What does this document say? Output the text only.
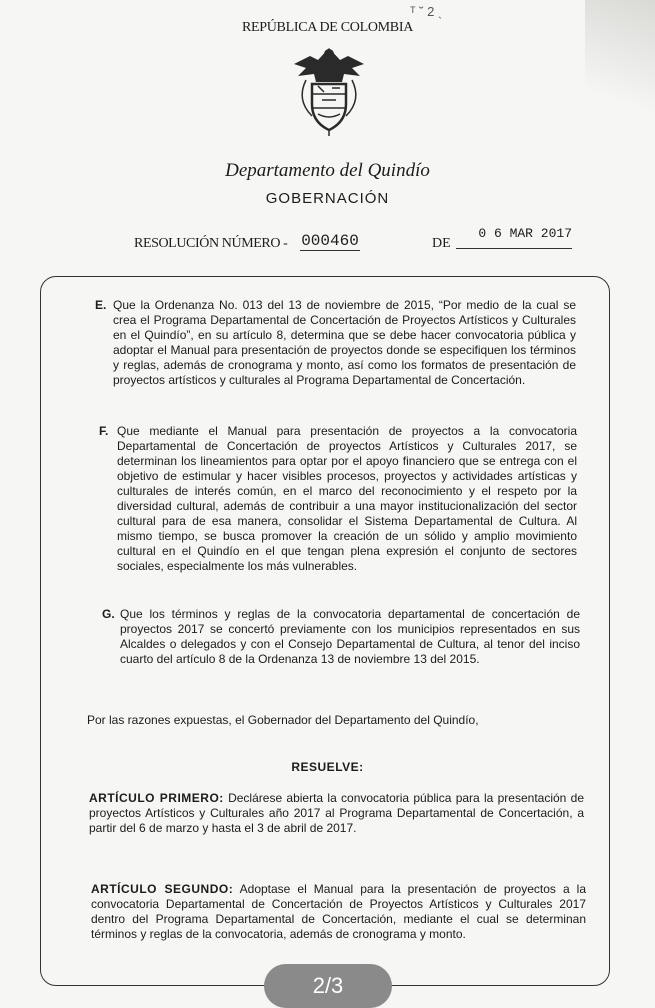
REPÚBLICA DE COLOMBIA
ᵀ ˘ 2 ˎ
Departamento del Quindío
GOBERNACIÓN
RESOLUCIÓN NÚMERO - 000460	DE
0 6 MAR 2017
E. Que la Ordenanza No. 013 del 13 de noviembre de 2015, “Por medio de la cual se crea el Programa Departamental de Concertación de Proyectos Artísticos y Culturales en el Quindío”, en su artículo 8, determina que se debe hacer convocatoria pública y adoptar el Manual para presentación de proyectos donde se especifiquen los términos y reglas, además de cronograma y monto, así como los formatos de presentación de proyectos artísticos y culturales al Programa Departamental de Concertación.
F. Que mediante el Manual para presentación de proyectos a la convocatoria Departamental de Concertación de proyectos Artísticos y Culturales 2017, se determinan los lineamientos para optar por el apoyo financiero que se entrega con el objetivo de estimular y hacer visibles procesos, proyectos y actividades artísticas y culturales de interés común, en el marco del reconocimiento y el respeto por la diversidad cultural, además de contribuir a una mayor institucionalización del sector cultural para de esa manera, consolidar el Sistema Departamental de Cultura. Al mismo tiempo, se busca promover la creación de un sólido y amplio movimiento cultural en el Quindío en el que tengan plena expresión el conjunto de sectores sociales, especialmente los más vulnerables.
G. Que los términos y reglas de la convocatoria departamental de concertación de proyectos 2017 se concertó previamente con los municipios representados en sus Alcaldes o delegados y con el Consejo Departamental de Cultura, al tenor del inciso cuarto del artículo 8 de la Ordenanza 13 de noviembre 13 del 2015.
Por las razones expuestas, el Gobernador del Departamento del Quindío,
RESUELVE:
ARTÍCULO PRIMERO: Declárese abierta la convocatoria pública para la presentación de proyectos Artísticos y Culturales año 2017 al Programa Departamental de Concertación, a partir del 6 de marzo y hasta el 3 de abril de 2017.
ARTÍCULO SEGUNDO: Adoptase el Manual para la presentación de proyectos a la convocatoria Departamental de Concertación de Proyectos Artísticos y Culturales 2017 dentro del Programa Departamental de Concertación, mediante el cual se determinan términos y reglas de la convocatoria, además de cronograma y monto.
2/3
